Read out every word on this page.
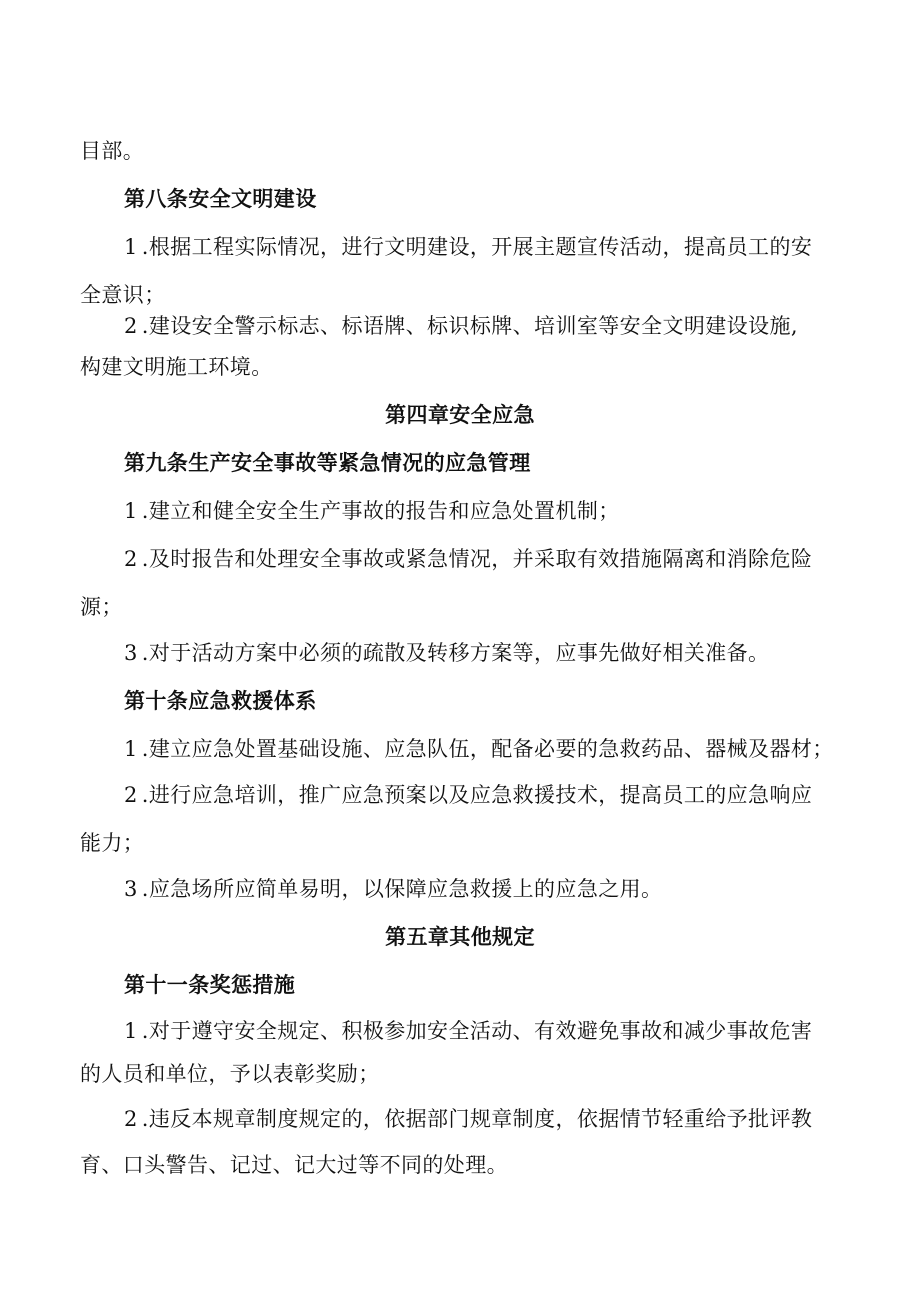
目部。
第八条安全文明建设
1 .根据工程实际情况，进行文明建设，开展主题宣传活动，提高员工的安
全意识；
2 .建设安全警示标志、标语牌、标识标牌、培训室等安全文明建设设施,
构建文明施工环境。
第四章安全应急
第九条生产安全事故等紧急情况的应急管理
1 .建立和健全安全生产事故的报告和应急处置机制；
2 .及时报告和处理安全事故或紧急情况，并采取有效措施隔离和消除危险
源；
3 .对于活动方案中必须的疏散及转移方案等，应事先做好相关准备。
第十条应急救援体系
1 .建立应急处置基础设施、应急队伍，配备必要的急救药品、器械及器材；
2 .进行应急培训，推广应急预案以及应急救援技术，提高员工的应急响应
能力；
3 .应急场所应简单易明，以保障应急救援上的应急之用。
第五章其他规定
第十一条奖惩措施
1 .对于遵守安全规定、积极参加安全活动、有效避免事故和减少事故危害
的人员和单位，予以表彰奖励；
2 .违反本规章制度规定的，依据部门规章制度，依据情节轻重给予批评教
育、口头警告、记过、记大过等不同的处理。
